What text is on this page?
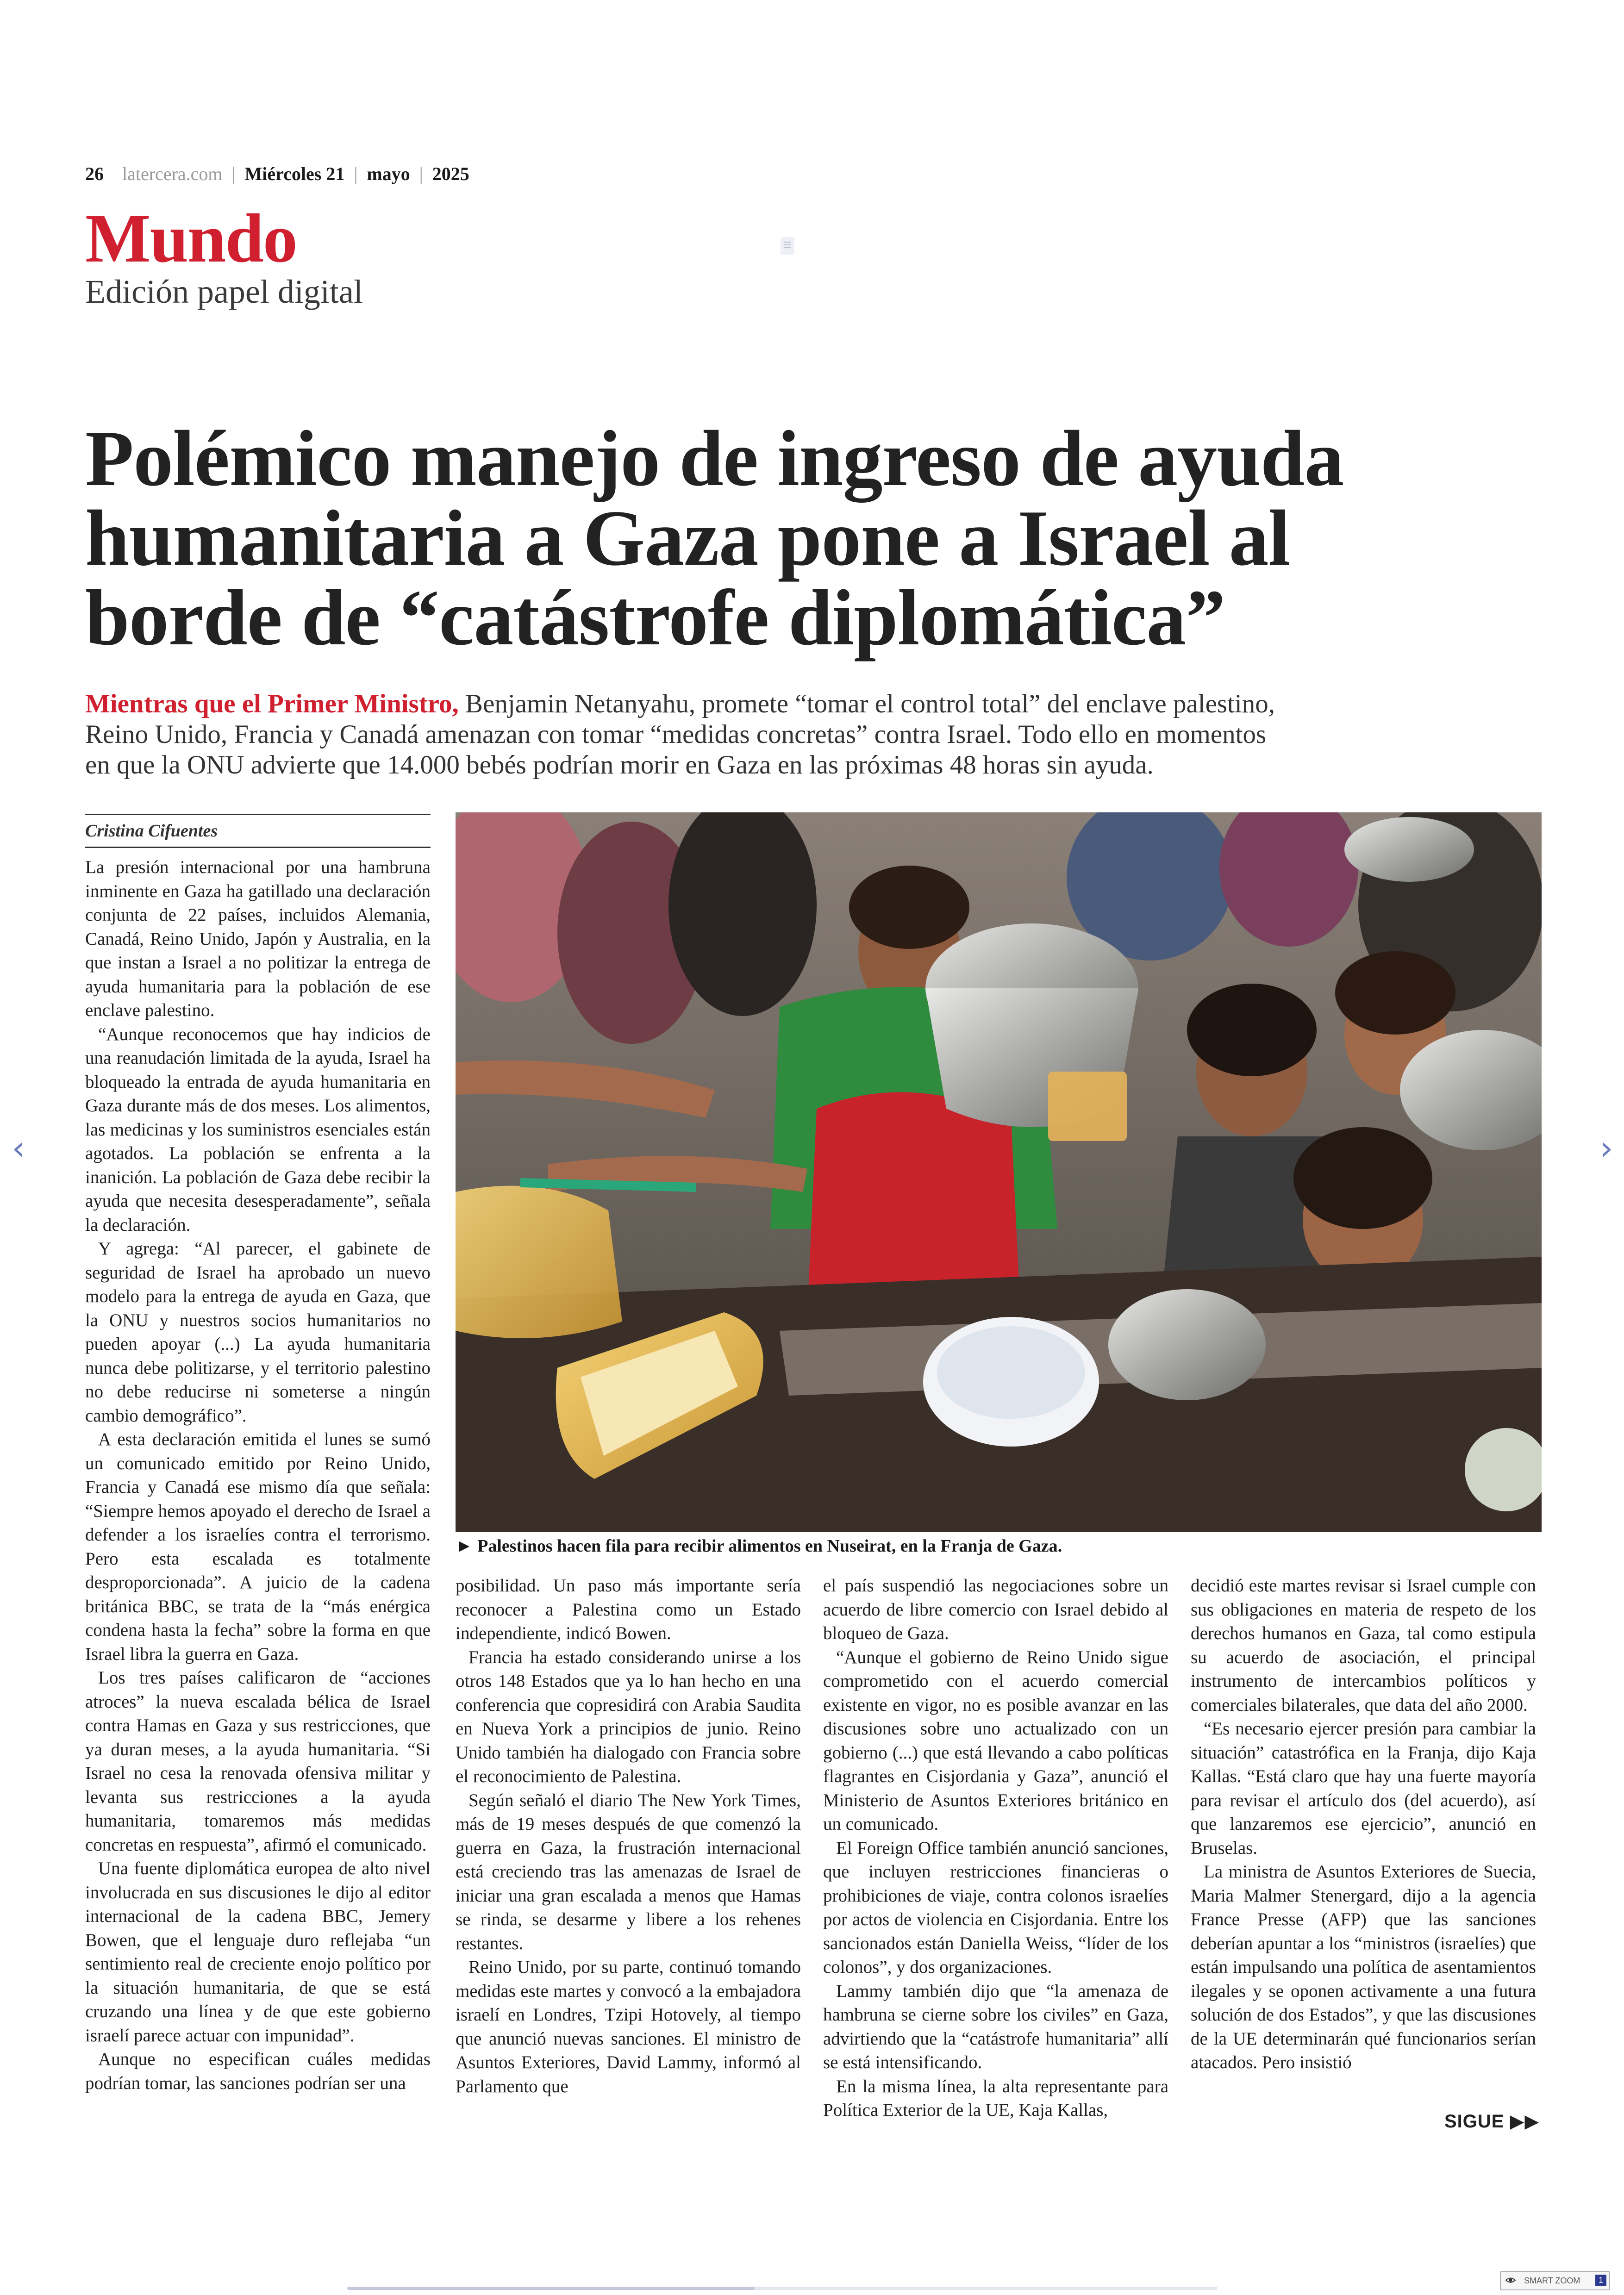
26 latercera.com | Miércoles 21 | mayo | 2025
Mundo
Edición papel digital
Polémico manejo de ingreso de ayuda
humanitaria a Gaza pone a Israel al
borde de “catástrofe diplomática”
Mientras que el Primer Ministro, Benjamin Netanyahu, promete “tomar el control total” del enclave palestino,
Reino Unido, Francia y Canadá amenazan con tomar “medidas concretas” contra Israel. Todo ello en momentos
en que la ONU advierte que 14.000 bebés podrían morir en Gaza en las próximas 48 horas sin ayuda.
Cristina Cifuentes

La presión internacional por una hambruna inminente en Gaza ha gatillado una declaración conjunta de 22 países, incluidos Alemania, Canadá, Reino Unido, Japón y Australia, en la que instan a Israel a no politizar la entrega de ayuda humanitaria para la población de ese enclave palestino.

“Aunque reconocemos que hay indicios de una reanudación limitada de la ayuda, Israel ha bloqueado la entrada de ayuda humanitaria en Gaza durante más de dos meses. Los alimentos, las medicinas y los suministros esenciales están agotados. La población se enfrenta a la inanición. La población de Gaza debe recibir la ayuda que necesita desesperadamente”, señala la declaración.

Y agrega: “Al parecer, el gabinete de seguridad de Israel ha aprobado un nuevo modelo para la entrega de ayuda en Gaza, que la ONU y nuestros socios humanitarios no pueden apoyar (...) La ayuda humanitaria nunca debe politizarse, y el territorio palestino no debe reducirse ni someterse a ningún cambio demográfico”.

A esta declaración emitida el lunes se sumó un comunicado emitido por Reino Unido, Francia y Canadá ese mismo día que señala: “Siempre hemos apoyado el derecho de Israel a defender a los israelíes contra el terrorismo. Pero esta escalada es totalmente desproporcionada”. A juicio de la cadena británica BBC, se trata de la “más enérgica condena hasta la fecha” sobre la forma en que Israel libra la guerra en Gaza.

Los tres países calificaron de “acciones atroces” la nueva escalada bélica de Israel contra Hamas en Gaza y sus restricciones, que ya duran meses, a la ayuda humanitaria. “Si Israel no cesa la renovada ofensiva militar y levanta sus restricciones a la ayuda humanitaria, tomaremos más medidas concretas en respuesta”, afirmó el comunicado.

Una fuente diplomática europea de alto nivel involucrada en sus discusiones le dijo al editor internacional de la cadena BBC, Jemery Bowen, que el lenguaje duro reflejaba “un sentimiento real de creciente enojo político por la situación humanitaria, de que se está cruzando una línea y de que este gobierno israelí parece actuar con impunidad”.

Aunque no especifican cuáles medidas podrían tomar, las sanciones podrían ser una

► Palestinos hacen fila para recibir alimentos en Nuseirat, en la Franja de Gaza.

posibilidad. Un paso más importante sería reconocer a Palestina como un Estado independiente, indicó Bowen.

Francia ha estado considerando unirse a los otros 148 Estados que ya lo han hecho en una conferencia que copresidirá con Arabia Saudita en Nueva York a principios de junio. Reino Unido también ha dialogado con Francia sobre el reconocimiento de Palestina.

Según señaló el diario The New York Times, más de 19 meses después de que comenzó la guerra en Gaza, la frustración internacional está creciendo tras las amenazas de Israel de iniciar una gran escalada a menos que Hamas se rinda, se desarme y libere a los rehenes restantes.

Reino Unido, por su parte, continuó tomando medidas este martes y convocó a la embajadora israelí en Londres, Tzipi Hotovely, al tiempo que anunció nuevas sanciones. El ministro de Asuntos Exteriores, David Lammy, informó al Parlamento que

el país suspendió las negociaciones sobre un acuerdo de libre comercio con Israel debido al bloqueo de Gaza.

“Aunque el gobierno de Reino Unido sigue comprometido con el acuerdo comercial existente en vigor, no es posible avanzar en las discusiones sobre uno actualizado con un gobierno (...) que está llevando a cabo políticas flagrantes en Cisjordania y Gaza”, anunció el Ministerio de Asuntos Exteriores británico en un comunicado.

El Foreign Office también anunció sanciones, que incluyen restricciones financieras o prohibiciones de viaje, contra colonos israelíes por actos de violencia en Cisjordania. Entre los sancionados están Daniella Weiss, “líder de los colonos”, y dos organizaciones.

Lammy también dijo que “la amenaza de hambruna se cierne sobre los civiles” en Gaza, advirtiendo que la “catástrofe humanitaria” allí se está intensificando.

En la misma línea, la alta representante para Política Exterior de la UE, Kaja Kallas,

decidió este martes revisar si Israel cumple con sus obligaciones en materia de respeto de los derechos humanos en Gaza, tal como estipula su acuerdo de asociación, el principal instrumento de intercambios políticos y comerciales bilaterales, que data del año 2000.

“Es necesario ejercer presión para cambiar la situación” catastrófica en la Franja, dijo Kaja Kallas. “Está claro que hay una fuerte mayoría para revisar el artículo dos (del acuerdo), así que lanzaremos ese ejercicio”, anunció en Bruselas.

La ministra de Asuntos Exteriores de Suecia, Maria Malmer Stenergard, dijo a la agencia France Presse (AFP) que las sanciones deberían apuntar a los “ministros (israelíes) que están impulsando una política de asentamientos ilegales y se oponen activamente a una futura solución de dos Estados”, y que las discusiones de la UE determinarán qué funcionarios serían atacados. Pero insistió

SIGUE ▶▶
‹	›
SMART ZOOM	1
